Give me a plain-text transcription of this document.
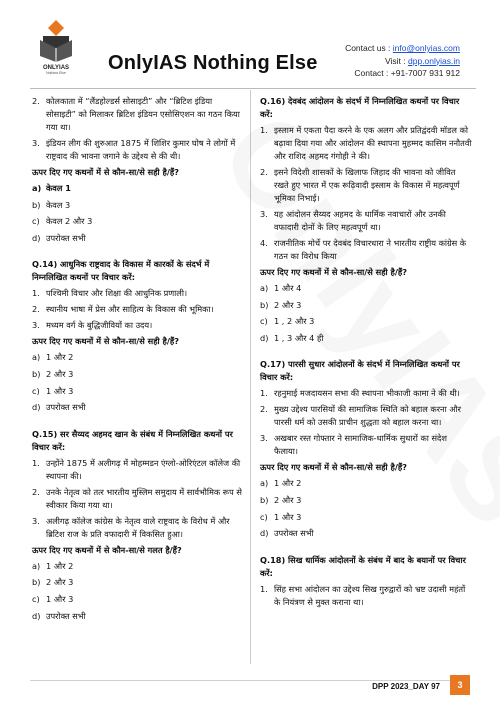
ONLYIAS
Nothing Else OnlyIAS Nothing Else
Contact us : info@onlyias.com
Visit : dpp.onlyias.in
Contact : +91-7007 931 912
2. कोलकाता में “लैंडहोल्डर्स सोसाइटी” और “ब्रिटिश इंडिया सोसाइटी” को मिलाकर ब्रिटिश इंडियन एसोसिएशन का गठन किया गया था।
3. इंडियन लीग की शुरुआत 1875 में शिशिर कुमार घोष ने लोगों में राष्ट्रवाद की भावना जगाने के उद्देश्य से की थी।
ऊपर दिए गए कथनों में से कौन-सा/से सही है/हैं?
a) केवल 1
b) केवल 3
c) केवल 2 और 3
d) उपरोक्त सभी
Q.14) आधुनिक राष्ट्रवाद के विकास में कारकों के संदर्भ में निम्नलिखित कथनों पर विचार करें:
1. पश्चिमी विचार और शिक्षा की आधुनिक प्रणाली।
2. स्थानीय भाषा में प्रेस और साहित्य के विकास की भूमिका।
3. मध्यम वर्ग के बुद्धिजीवियों का उदय।
ऊपर दिए गए कथनों में से कौन-सा/से सही है/हैं?
a) 1 और 2
b) 2 और 3
c) 1 और 3
d) उपरोक्त सभी
Q.15) सर सैय्यद अहमद खान के संबंध में निम्नलिखित कथनों पर विचार करें:
1. उन्होंने 1875 में अलीगढ़ में मोहम्मडन एंग्लो-ओरिएंटल कॉलेज की स्थापना की।
2. उनके नेतृत्व को तत्‍र भारतीय मुस्लिम समुदाय में सार्वभौमिक रूप से स्वीकार किया गया था।
3. अलीगढ़ कॉलेज कांग्रेस के नेतृत्व वाले राष्ट्रवाद के विरोध में और ब्रिटिश राज के प्रति वफादारी में विकसित हुआ।
ऊपर दिए गए कथनों में से कौन-सा/से गलत है/हैं?
a) 1 और 2
b) 2 और 3
c) 1 और 3
d) उपरोक्त सभी
Q.16) देवबंद आंदोलन के संदर्भ में निम्नलिखित कथनों पर विचार करें:
1. इस्लाम में एकता पैदा करने के एक अलग और प्रतिद्वंदवी मॉडल को बढ़ावा दिया गया और आंदोलन की स्थापना मुहम्मद कासिम ननौतवी और राशिद अहमद गंगोही ने की।
2. इसने विदेशी शासकों के खिलाफ जिहाद की भावना को जीवित रखते हुए भारत में एक रूढ़िवादी इस्लाम के विकास में महत्वपूर्ण भूमिका निभाई।
3. यह आंदोलन सैय्यद अहमद के धार्मिक नवाचारों और उनकी वफादारी दोनों के लिए महत्वपूर्ण था।
4. राजनीतिक मोर्चे पर देवबंद विचारधारा ने भारतीय राष्ट्रीय कांग्रेस के गठन का विरोध किया
ऊपर दिए गए कथनों में से कौन-सा/से सही है/हैं?
a) 1 और 4
b) 2 और 3
c) 1 , 2 और 3
d) 1 , 3 और 4 ही
Q.17) पारसी सुधार आंदोलनों के संदर्भ में निम्नलिखित कथनों पर विचार करें:
1. रहनुमाई मजदायसन सभा की स्थापना भीकाजी कामा ने की थी।
2. मुख्य उद्देश्य पारसियों की सामाजिक स्थिति को बहाल करना और पारसी धर्म को उसकी प्राचीन शुद्धता को बहाल करना था।
3. अखबार रस्त गोफ्तार ने सामाजिक-धार्मिक सुधारों का संदेश फैलाया।
ऊपर दिए गए कथनों में से कौन-सा/से सही है/हैं?
a) 1 और 2
b) 2 और 3
c) 1 और 3
d) उपरोक्त सभी
Q.18) सिख धार्मिक आंदोलनों के संबंध में बाद के बयानों पर विचार करें:
1. सिंह सभा आंदोलन का उद्देश्य सिख गुरुद्वारों को भ्रष्ट उदासी महंतों के नियंत्रण से मुक्त कराना था।
DPP 2023_DAY 97	3
